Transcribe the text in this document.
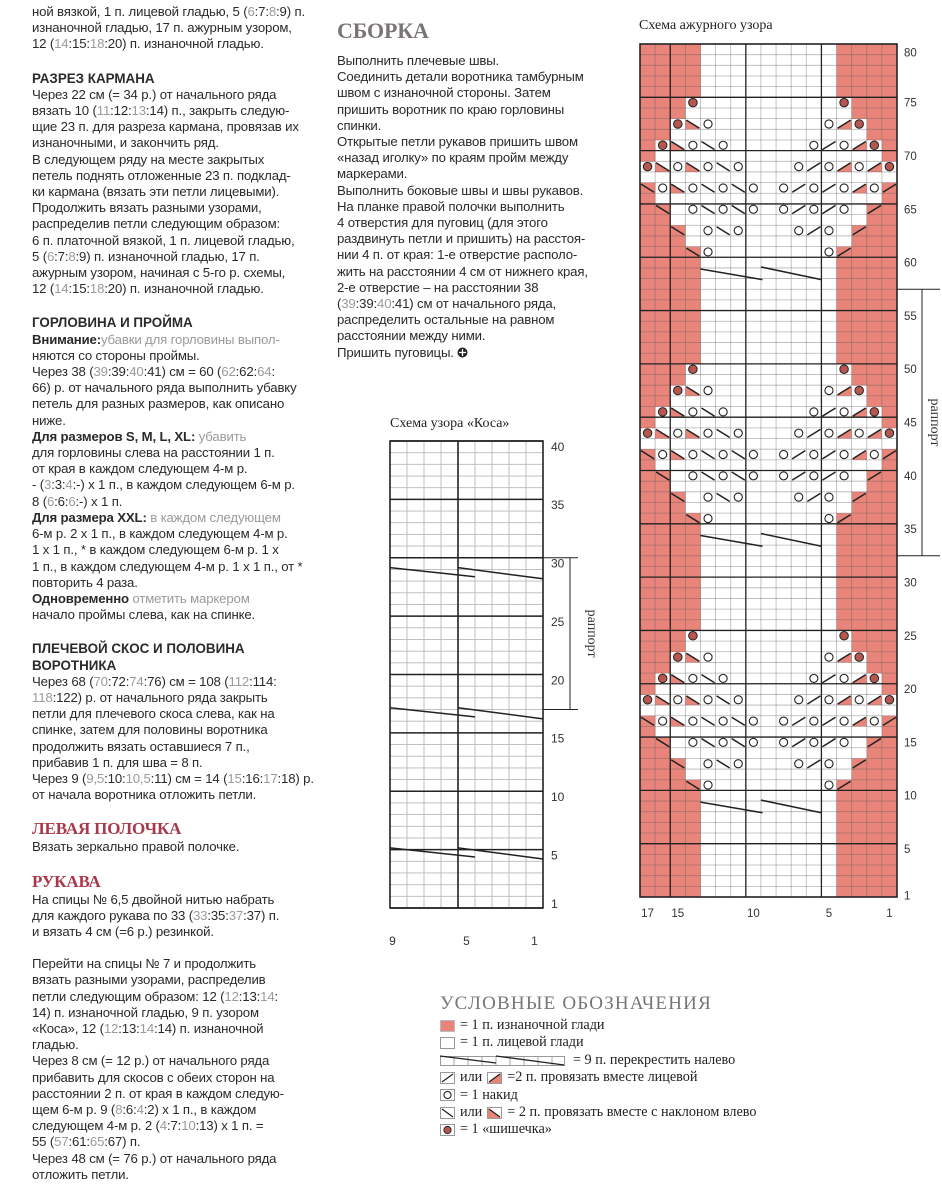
ной вязкой, 1 п. лицевой гладью, 5 (6:7:8:9) п.

изнаночной гладью, 17 п. ажурным узором,

12 (14:15:18:20) п. изнаночной гладью.

РАЗРЕЗ КАРМАНА

Через 22 см (= 34 р.) от начального ряда

вязать 10 (11:12:13:14) п., закрыть следую-

щие 23 п. для разреза кармана, провязав их

изнаночными, и закончить ряд.

В следующем ряду на месте закрытых

петель поднять отложенные 23 п. подклад-

ки кармана (вязать эти петли лицевыми).

Продолжить вязать разными узорами,

распределив петли следующим образом:

6 п. платочной вязкой, 1 п. лицевой гладью,

5 (6:7:8:9) п. изнаночной гладью, 17 п.

ажурным узором, начиная с 5-го р. схемы,

12 (14:15:18:20) п. изнаночной гладью.

ГОРЛОВИНА И ПРОЙМА

Внимание:убавки для горловины выпол-

няются со стороны проймы.

Через 38 (39:39:40:41) см = 60 (62:62:64:

66) р. от начального ряда выполнить убавку

петель для разных размеров, как описано

ниже.

Для размеров S, M, L, XL: убавить

для горловины слева на расстоянии 1 п.

от края в каждом следующем 4-м р.

- (3:3:4:-) х 1 п., в каждом следующем 6-м р.

8 (6:6:6:-) х 1 п.

Для размера XXL: в каждом следующем

6-м р. 2 х 1 п., в каждом следующем 4-м р.

1 х 1 п., * в каждом следующем 6-м р. 1 х

1 п., в каждом следующем 4-м р. 1 х 1 п., от *

повторить 4 раза.

Одновременно отметить маркером

начало проймы слева, как на спинке.

ПЛЕЧЕВОЙ СКОС И ПОЛОВИНА
ВОРОТНИКА

Через 68 (70:72:74:76) см = 108 (112:114:

118:122) р. от начального ряда закрыть

петли для плечевого скоса слева, как на

спинке, затем для половины воротника

продолжить вязать оставшиеся 7 п.,

прибавив 1 п. для шва = 8 п.

Через 9 (9,5:10:10,5:11) см = 14 (15:16:17:18) р.

от начала воротника отложить петли.

ЛЕВАЯ ПОЛОЧКА

Вязать зеркально правой полочке.

РУКАВА

На спицы № 6,5 двойной нитью набрать

для каждого рукава по 33 (33:35:37:37) п.

и вязать 4 см (=6 р.) резинкой.

Перейти на спицы № 7 и продолжить

вязать разными узорами, распределив

петли следующим образом: 12 (12:13:14:

14) п. изнаночной гладью, 9 п. узором

«Коса», 12 (12:13:14:14) п. изнаночной

гладью.

Через 8 см (= 12 р.) от начального ряда

прибавить для скосов с обеих сторон на

расстоянии 2 п. от края в каждом следую-

щем 6-м р. 9 (8:6:4:2) х 1 п., в каждом

следующем 4-м р. 2 (4:7:10:13) х 1 п. =

55 (57:61:65:67) п.

Через 48 см (= 76 р.) от начального ряда

отложить петли.

СБОРКА

Выполнить плечевые швы.

Соединить детали воротника тамбурным

швом с изнаночной стороны. Затем

пришить воротник по краю горловины

спинки.

Открытые петли рукавов пришить швом

«назад иголку» по краям пройм между

маркерами.

Выполнить боковые швы и швы рукавов.

На планке правой полочки выполнить

4 отверстия для пуговиц (для этого

раздвинуть петли и пришить) на расстоя-

нии 4 п. от края: 1-е отверстие располо-

жить на расстоянии 4 см от нижнего края,

2-е отверстие – на расстоянии 38

(39:39:40:41) см от начального ряда,

распределить остальные на равном

расстоянии между ними.

Пришить пуговицы.

Схема узора «Коса»
40
35
30
25
20
15
10
5
1
9	5	1
раппорт
Схема ажурного узора
80
75
70
65
60
55
50
45
40
35
30
25
20
15
10
5
1
17 15	10	5	1
раппорт
УСЛОВНЫЕ ОБОЗНАЧЕНИЯ
= 1 п. изнаночной глади
= 1 п. лицевой глади
= 9 п. перекрестить налево
или =2 п. провязать вместе лицевой
= 1 накид
или = 2 п. провязать вместе с наклоном влево
= 1 «шишечка»
